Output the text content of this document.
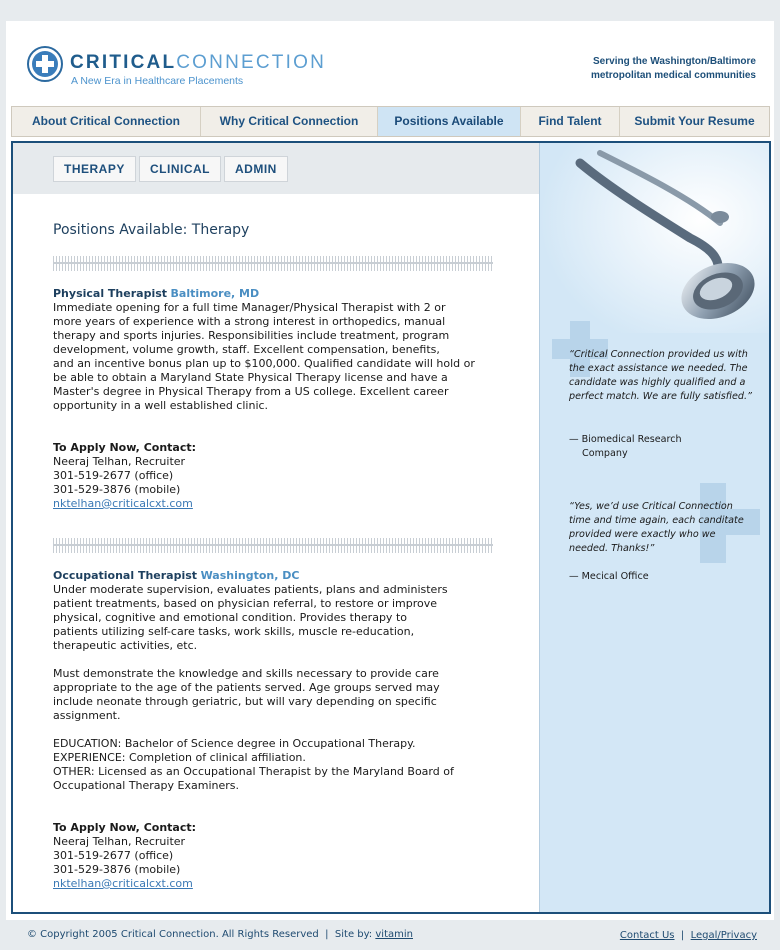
CRITICALCONNECTION
A New Era in Healthcare Placements
Serving the Washington/Baltimore
metropolitan medical communities
About Critical Connection	Why Critical Connection	Positions Available	Find Talent	Submit Your Resume
THERAPY	CLINICAL	ADMIN
Positions Available: Therapy
Physical Therapist Baltimore, MD
Immediate opening for a full time Manager/Physical Therapist with 2 or
more years of experience with a strong interest in orthopedics, manual
therapy and sports injuries. Responsibilities include treatment, program
development, volume growth, staff. Excellent compensation, benefits,
and an incentive bonus plan up to $100,000. Qualified candidate will hold or
be able to obtain a Maryland State Physical Therapy license and have a
Master's degree in Physical Therapy from a US college. Excellent career
opportunity in a well established clinic.
To Apply Now, Contact:
Neeraj Telhan, Recruiter
301-519-2677 (office)
301-529-3876 (mobile)
nktelhan@criticalcxt.com
Occupational Therapist Washington, DC
Under moderate supervision, evaluates patients, plans and administers
patient treatments, based on physician referral, to restore or improve
physical, cognitive and emotional condition. Provides therapy to
patients utilizing self-care tasks, work skills, muscle re-education,
therapeutic activities, etc.

Must demonstrate the knowledge and skills necessary to provide care
appropriate to the age of the patients served. Age groups served may
include neonate through geriatric, but will vary depending on specific
assignment.

EDUCATION: Bachelor of Science degree in Occupational Therapy.
EXPERIENCE: Completion of clinical affiliation.
OTHER: Licensed as an Occupational Therapist by the Maryland Board of
Occupational Therapy Examiners.
To Apply Now, Contact:
Neeraj Telhan, Recruiter
301-519-2677 (office)
301-529-3876 (mobile)
nktelhan@criticalcxt.com
“Critical Connection provided us with the exact assistance we needed. The candidate was highly qualified and a perfect match. We are fully satisfied.”
— Biomedical Research
Company
“Yes, we’d use Critical Connection time and time again, each canditate provided were exactly who we needed. Thanks!”
— Mecical Office
© Copyright 2005 Critical Connection. All Rights Reserved | Site by: vitamin	Contact Us | Legal/Privacy
